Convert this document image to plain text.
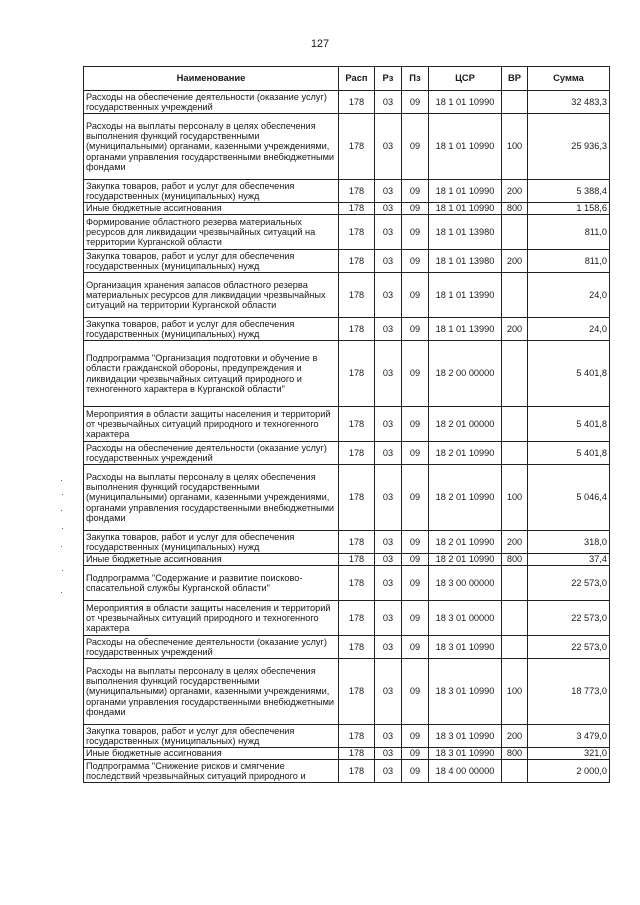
127
Наименование	Расп	Рз	Пз	ЦСР	ВР	Сумма
Расходы на обеспечение деятельности (оказание услуг) государственных учреждений	178	03	09	18 1 01 10990		32 483,3
Расходы на выплаты персоналу в целях обеспечения выполнения функций государственными (муниципальными) органами, казенными учреждениями, органами управления государственными внебюджетными фондами	178	03	09	18 1 01 10990	100	25 936,3
Закупка товаров, работ и услуг для обеспечения государственных (муниципальных) нужд	178	03	09	18 1 01 10990	200	5 388,4
Иные бюджетные ассигнования	178	03	09	18 1 01 10990	800	1 158,6
Формирование областного резерва материальных ресурсов для ликвидации чрезвычайных ситуаций на территории Курганской области	178	03	09	18 1 01 13980		811,0
Закупка товаров, работ и услуг для обеспечения государственных (муниципальных) нужд	178	03	09	18 1 01 13980	200	811,0
Организация хранения запасов областного резерва материальных ресурсов для ликвидации чрезвычайных ситуаций на территории Курганской области	178	03	09	18 1 01 13990		24,0
Закупка товаров, работ и услуг для обеспечения государственных (муниципальных) нужд	178	03	09	18 1 01 13990	200	24,0
Подпрограмма "Организация подготовки и обучение в области гражданской обороны, предупреждения и ликвидации чрезвычайных ситуаций природного и техногенного характера в Курганской области"	178	03	09	18 2 00 00000		5 401,8
Мероприятия в области защиты населения и территорий от чрезвычайных ситуаций природного и техногенного характера	178	03	09	18 2 01 00000		5 401,8
Расходы на обеспечение деятельности (оказание услуг) государственных учреждений	178	03	09	18 2 01 10990		5 401,8
Расходы на выплаты персоналу в целях обеспечения выполнения функций государственными (муниципальными) органами, казенными учреждениями, органами управления государственными внебюджетными фондами	178	03	09	18 2 01 10990	100	5 046,4
Закупка товаров, работ и услуг для обеспечения государственных (муниципальных) нужд	178	03	09	18 2 01 10990	200	318,0
Иные бюджетные ассигнования	178	03	09	18 2 01 10990	800	37,4
Подпрограмма "Содержание и развитие поисково-спасательной службы Курганской области"	178	03	09	18 3 00 00000		22 573,0
Мероприятия в области защиты населения и территорий от чрезвычайных ситуаций природного и техногенного характера	178	03	09	18 3 01 00000		22 573,0
Расходы на обеспечение деятельности (оказание услуг) государственных учреждений	178	03	09	18 3 01 10990		22 573,0
Расходы на выплаты персоналу в целях обеспечения выполнения функций государственными (муниципальными) органами, казенными учреждениями, органами управления государственными внебюджетными фондами	178	03	09	18 3 01 10990	100	18 773,0
Закупка товаров, работ и услуг для обеспечения государственных (муниципальных) нужд	178	03	09	18 3 01 10990	200	3 479,0
Иные бюджетные ассигнования	178	03	09	18 3 01 10990	800	321,0
Подпрограмма "Снижение рисков и смягчение последствий чрезвычайных ситуаций природного и	178	03	09	18 4 00 00000		2 000,0
